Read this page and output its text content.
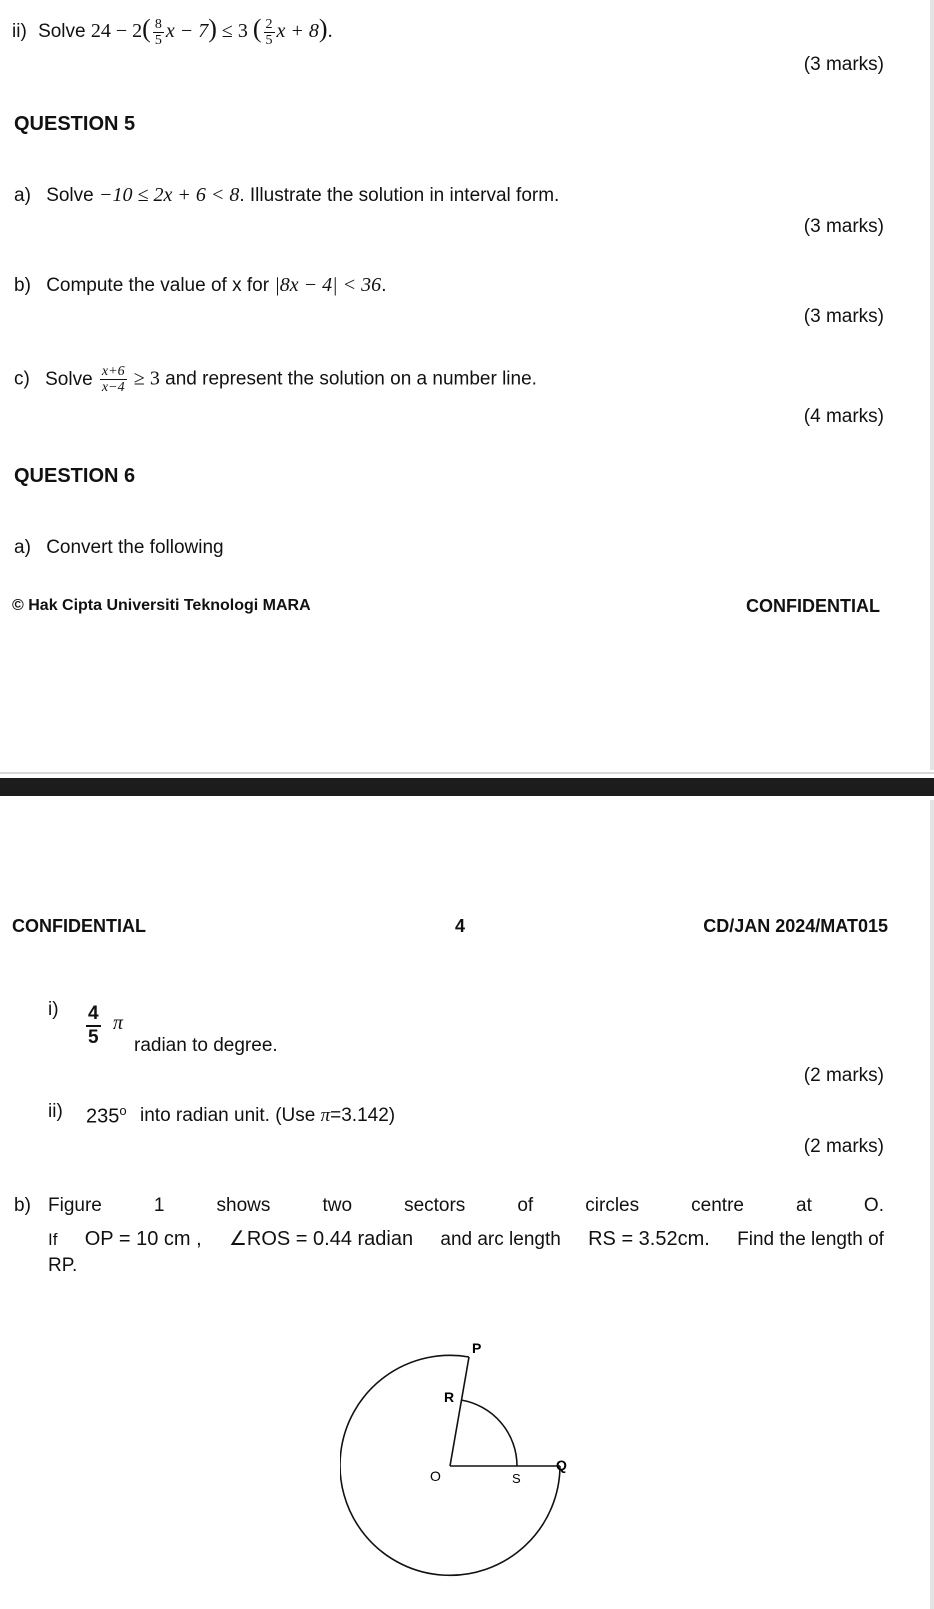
ii) Solve $24 - 2( \frac{8}{5}$ x − 7) ≤ 3 ( $\frac{2}{5}$ x + 8).
(3 marks)
QUESTION 5
a) Solve −10 ≤ 2x + 6 < 8. Illustrate the solution in interval form.
(3 marks)
b) Compute the value of x for |8x − 4| < 36.
(3 marks)
c) Solve $\frac{x+6}{x-4} \ge 3$ and represent the solution on a number line.
(4 marks)
QUESTION 6
a) Convert the following
© Hak Cipta Universiti Teknologi MARA	CONFIDENTIAL
CONFIDENTIAL	4	CD/JAN 2024/MAT015
$i) \frac{4}{5}$ π
radian to degree.
(2 marks)
ii) 235$^o$ into radian unit. (Use π=3.142)
(2 marks)
b) Figure	1	shows	two	sectors	of	circles	centre	at	O.
If OP = 10 cm , ∠ROS = 0.44 radian and arc length RS = 3.52cm. Find the length of
RP.
P
R
O	S
Q
